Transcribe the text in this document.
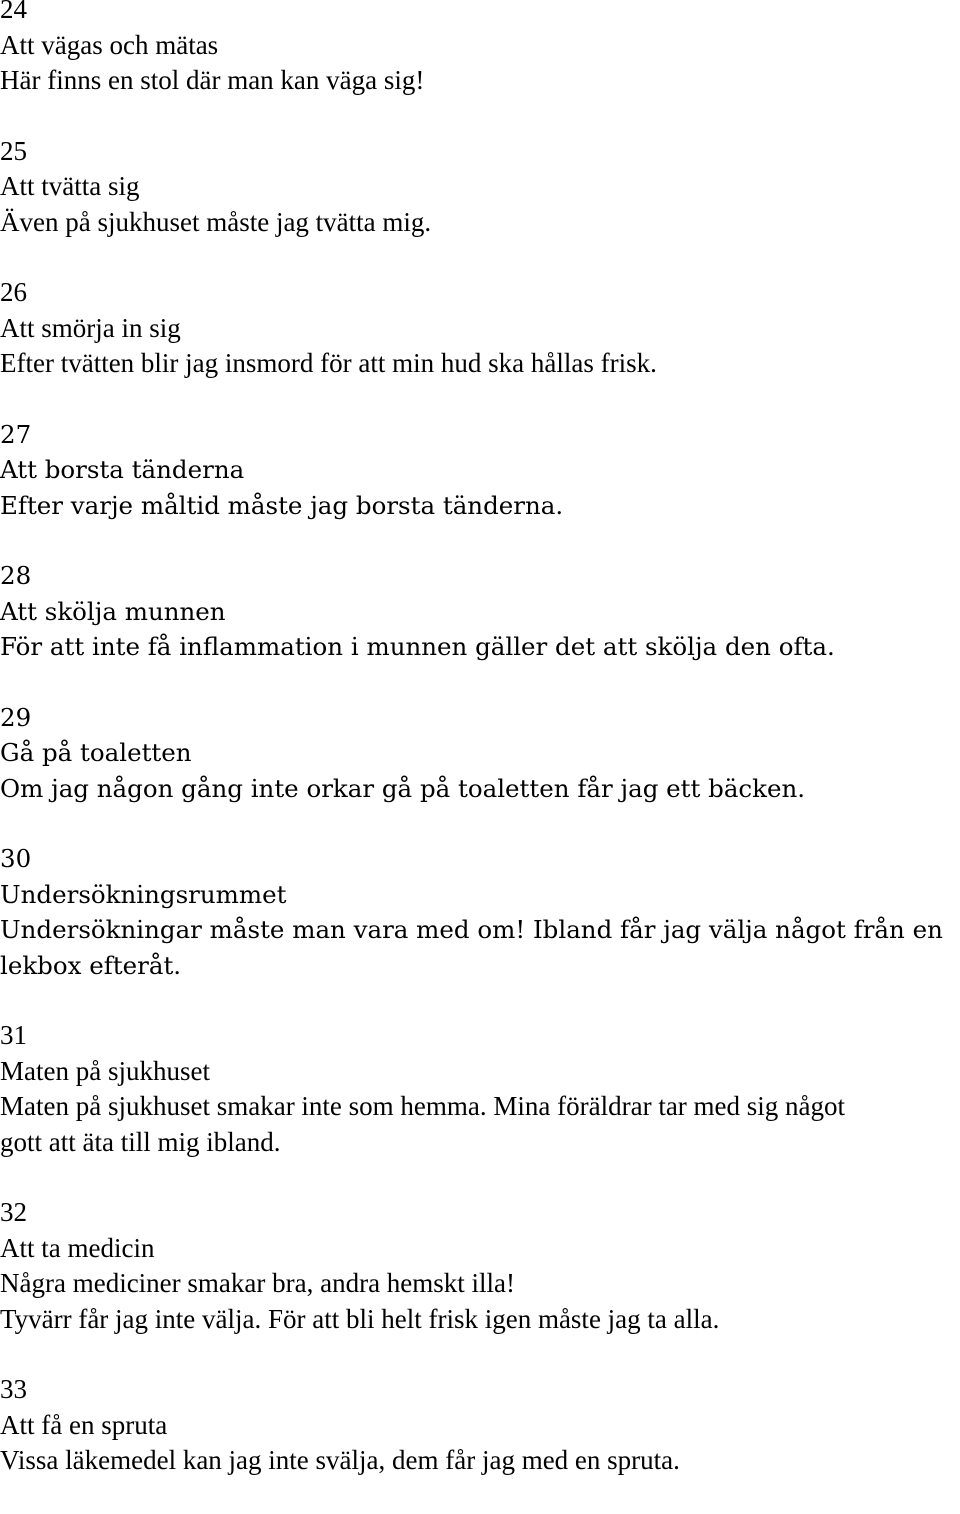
24
Att vägas och mätas
Här finns en stol där man kan väga sig!
25
Att tvätta sig
Även på sjukhuset måste jag tvätta mig.
26
Att smörja in sig
Efter tvätten blir jag insmord för att min hud ska hållas frisk.
27
Att borsta tänderna
Efter varje måltid måste jag borsta tänderna.
28
Att skölja munnen
För att inte få inflammation i munnen gäller det att skölja den ofta.
29
Gå på toaletten
Om jag någon gång inte orkar gå på toaletten får jag ett bäcken.
30
Undersökningsrummet
Undersökningar måste man vara med om! Ibland får jag välja något från en
lekbox efteråt.
31
Maten på sjukhuset
Maten på sjukhuset smakar inte som hemma. Mina föräldrar tar med sig något
gott att äta till mig ibland.
32
Att ta medicin
Några mediciner smakar bra, andra hemskt illa!
Tyvärr får jag inte välja. För att bli helt frisk igen måste jag ta alla.
33
Att få en spruta
Vissa läkemedel kan jag inte svälja, dem får jag med en spruta.
